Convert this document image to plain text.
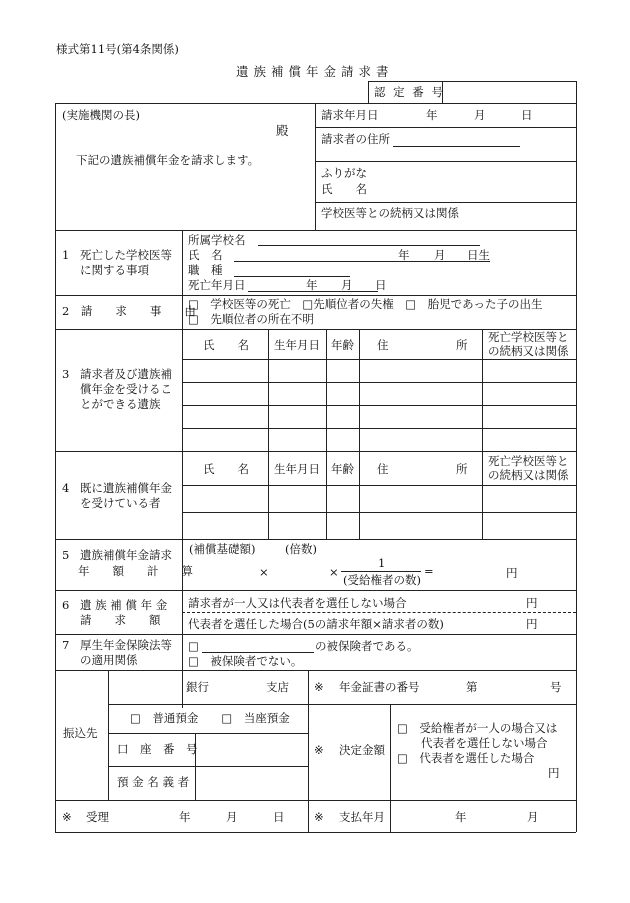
様式第11号(第4条関係)
遺族補償年金請求書
認 定 番 号
(実施機関の長)
殿
下記の遺族補償年金を請求します。
請求年月日	年	月	日
請求者の住所
ふりがな
氏　　名
学校医等との続柄又は関係
1 死亡した学校医等
に関する事項
所属学校名
氏　名	年 月 日生
職　種
死亡年月日	年 月 日
2　請　　求　　事　　由
□　学校医等の死亡　□先順位者の失権　□　胎児であった子の出生
□　先順位者の所在不明
氏　　名 生年月日 年齢 住	所
死亡学校医等と
の続柄又は関係
3 請求者及び遺族補
償年金を受けるこ
とができる遺族
氏　　名 生年月日 年齢 住	所
死亡学校医等と
の続柄又は関係
4 既に遺族補償年金
を受けている者
5 遺族補償年金請求
年　　額　　計　　算
(補償基礎額)	(倍数)
×	×
1
(受給権者の数)
=	円
6 遺 族 補 償 年 金
請　　求　　額
請求者が一人又は代表者を選任しない場合	円
代表者を選任した場合(5の請求年額×請求者の数)	円
7 厚生年金保険法等
の適用関係
□	の被保険者である。
□　被保険者でない。
振込先
銀行	支店
□　普通預金　　□　当座預金
口　座　番　号
預 金 名 義 者
※ 年金証書の番号	第	号
※ 決定金額
□　受給権者が一人の場合又は
代表者を選任しない場合
□　代表者を選任した場合
円
※ 受理	年	月	日	※ 支払年月	年	月
